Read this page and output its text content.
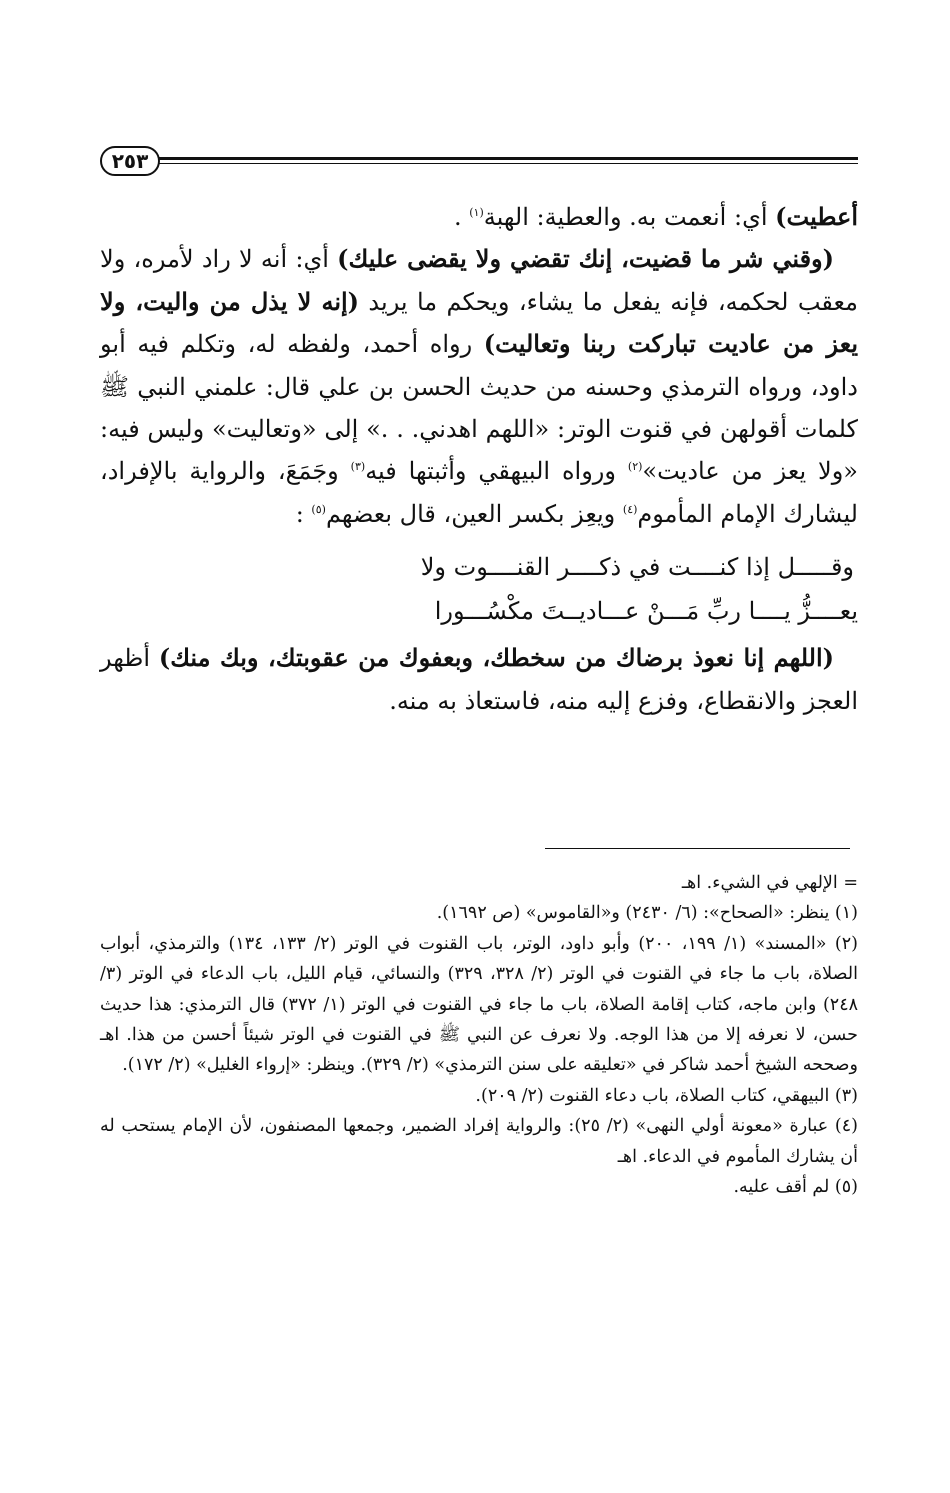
٢٥٣

أعطيت) أي: أنعمت به. والعطية: الهبة$^{(١)}$ .

(وقني شر ما قضيت، إنك تقضي ولا يقضى عليك) أي: أنه لا راد لأمره، ولا معقب لحكمه، فإنه يفعل ما يشاء، ويحكم ما يريد (إنه لا يذل من واليت، ولا يعز من عاديت تباركت ربنا وتعاليت) رواه أحمد، ولفظه له، وتكلم فيه أبو داود، ورواه الترمذي وحسنه من حديث الحسن بن علي قال: علمني النبي ﷺ كلمات أقولهن في قنوت الوتر: «اللهم اهدني. . .» إلى «وتعاليت» وليس فيه: «ولا يعز من عاديت»$^{(٢)}$ ورواه البيهقي وأثبتها فيه$^{(٣)}$ وجَمَعَ، والرواية بالإفراد، ليشارك الإمام المأموم$^{(٤)}$ ويعِز بكسر العين، قال بعضهم$^{(٥)}$ :

وقـــــل إذا كنــــت في ذكــــر القنــــوت ولا
يعــــزُّ يــــا ربِّ مَـــنْ عـــاديــتَ مكْسُـــورا

(اللهم إنا نعوذ برضاك من سخطك، وبعفوك من عقوبتك، وبك منك) أظهر العجز والانقطاع، وفزع إليه منه، فاستعاذ به منه.

= الإلهي في الشيء. اهـ

(١) ينظر: «الصحاح»: (٦/ ٢٤٣٠) و«القاموس» (ص ١٦٩٢).

(٢) «المسند» (١/ ١٩٩، ٢٠٠) وأبو داود، الوتر، باب القنوت في الوتر (٢/ ١٣٣، ١٣٤) والترمذي، أبواب الصلاة، باب ما جاء في القنوت في الوتر (٢/ ٣٢٨، ٣٢٩) والنسائي، قيام الليل، باب الدعاء في الوتر (٣/ ٢٤٨) وابن ماجه، كتاب إقامة الصلاة، باب ما جاء في القنوت في الوتر (١/ ٣٧٢) قال الترمذي: هذا حديث حسن، لا نعرفه إلا من هذا الوجه. ولا نعرف عن النبي ﷺ في القنوت في الوتر شيئاً أحسن من هذا. اهـ وصححه الشيخ أحمد شاكر في «تعليقه على سنن الترمذي» (٢/ ٣٢٩). وينظر: «إرواء الغليل» (٢/ ١٧٢).

(٣) البيهقي، كتاب الصلاة، باب دعاء القنوت (٢/ ٢٠٩).

(٤) عبارة «معونة أولي النهى» (٢/ ٢٥): والرواية إفراد الضمير، وجمعها المصنفون، لأن الإمام يستحب له أن يشارك المأموم في الدعاء. اهـ

(٥) لم أقف عليه.
